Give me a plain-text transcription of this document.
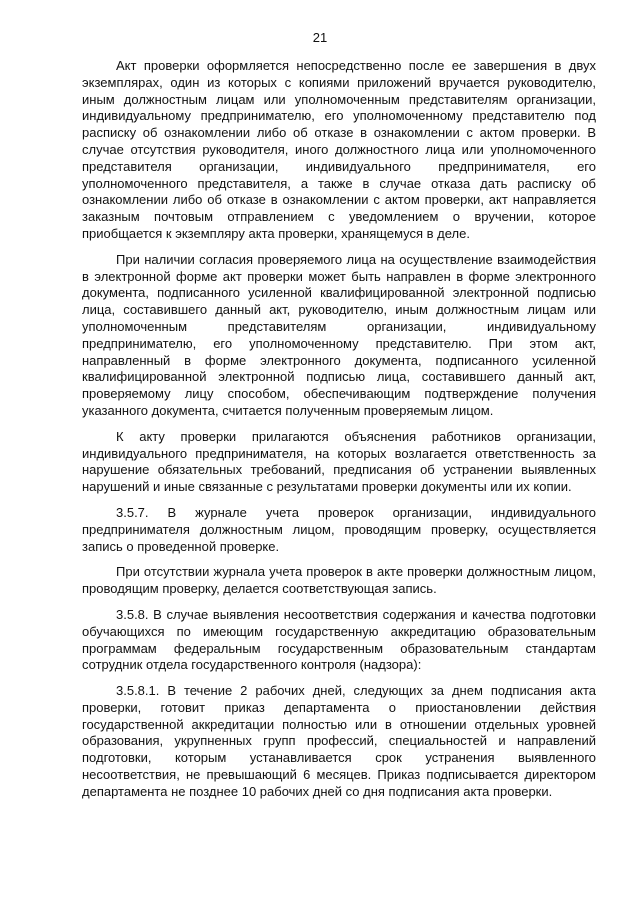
21

Акт проверки оформляется непосредственно после ее завершения в двух экземплярах, один из которых с копиями приложений вручается руководителю, иным должностным лицам или уполномоченным представителям организации, индивидуальному предпринимателю, его уполномоченному представителю под расписку об ознакомлении либо об отказе в ознакомлении с актом проверки. В случае отсутствия руководителя, иного должностного лица или уполномоченного представителя организации, индивидуального предпринимателя, его уполномоченного представителя, а также в случае отказа дать расписку об ознакомлении либо об отказе в ознакомлении с актом проверки, акт направляется заказным почтовым отправлением с уведомлением о вручении, которое приобщается к экземпляру акта проверки, хранящемуся в деле.

При наличии согласия проверяемого лица на осуществление взаимодействия в электронной форме акт проверки может быть направлен в форме электронного документа, подписанного усиленной квалифицированной электронной подписью лица, составившего данный акт, руководителю, иным должностным лицам или уполномоченным представителям организации, индивидуальному предпринимателю, его уполномоченному представителю. При этом акт, направленный в форме электронного документа, подписанного усиленной квалифицированной электронной подписью лица, составившего данный акт, проверяемому лицу способом, обеспечивающим подтверждение получения указанного документа, считается полученным проверяемым лицом.

К акту проверки прилагаются объяснения работников организации, индивидуального предпринимателя, на которых возлагается ответственность за нарушение обязательных требований, предписания об устранении выявленных нарушений и иные связанные с результатами проверки документы или их копии.

3.5.7. В журнале учета проверок организации, индивидуального предпринимателя должностным лицом, проводящим проверку, осуществляется запись о проведенной проверке.

При отсутствии журнала учета проверок в акте проверки должностным лицом, проводящим проверку, делается соответствующая запись.

3.5.8. В случае выявления несоответствия содержания и качества подготовки обучающихся по имеющим государственную аккредитацию образовательным программам федеральным государственным образовательным стандартам сотрудник отдела государственного контроля (надзора):

3.5.8.1. В течение 2 рабочих дней, следующих за днем подписания акта проверки, готовит приказ департамента о приостановлении действия государственной аккредитации полностью или в отношении отдельных уровней образования, укрупненных групп профессий, специальностей и направлений подготовки, которым устанавливается срок устранения выявленного несоответствия, не превышающий 6 месяцев. Приказ подписывается директором департамента не позднее 10 рабочих дней со дня подписания акта проверки.
